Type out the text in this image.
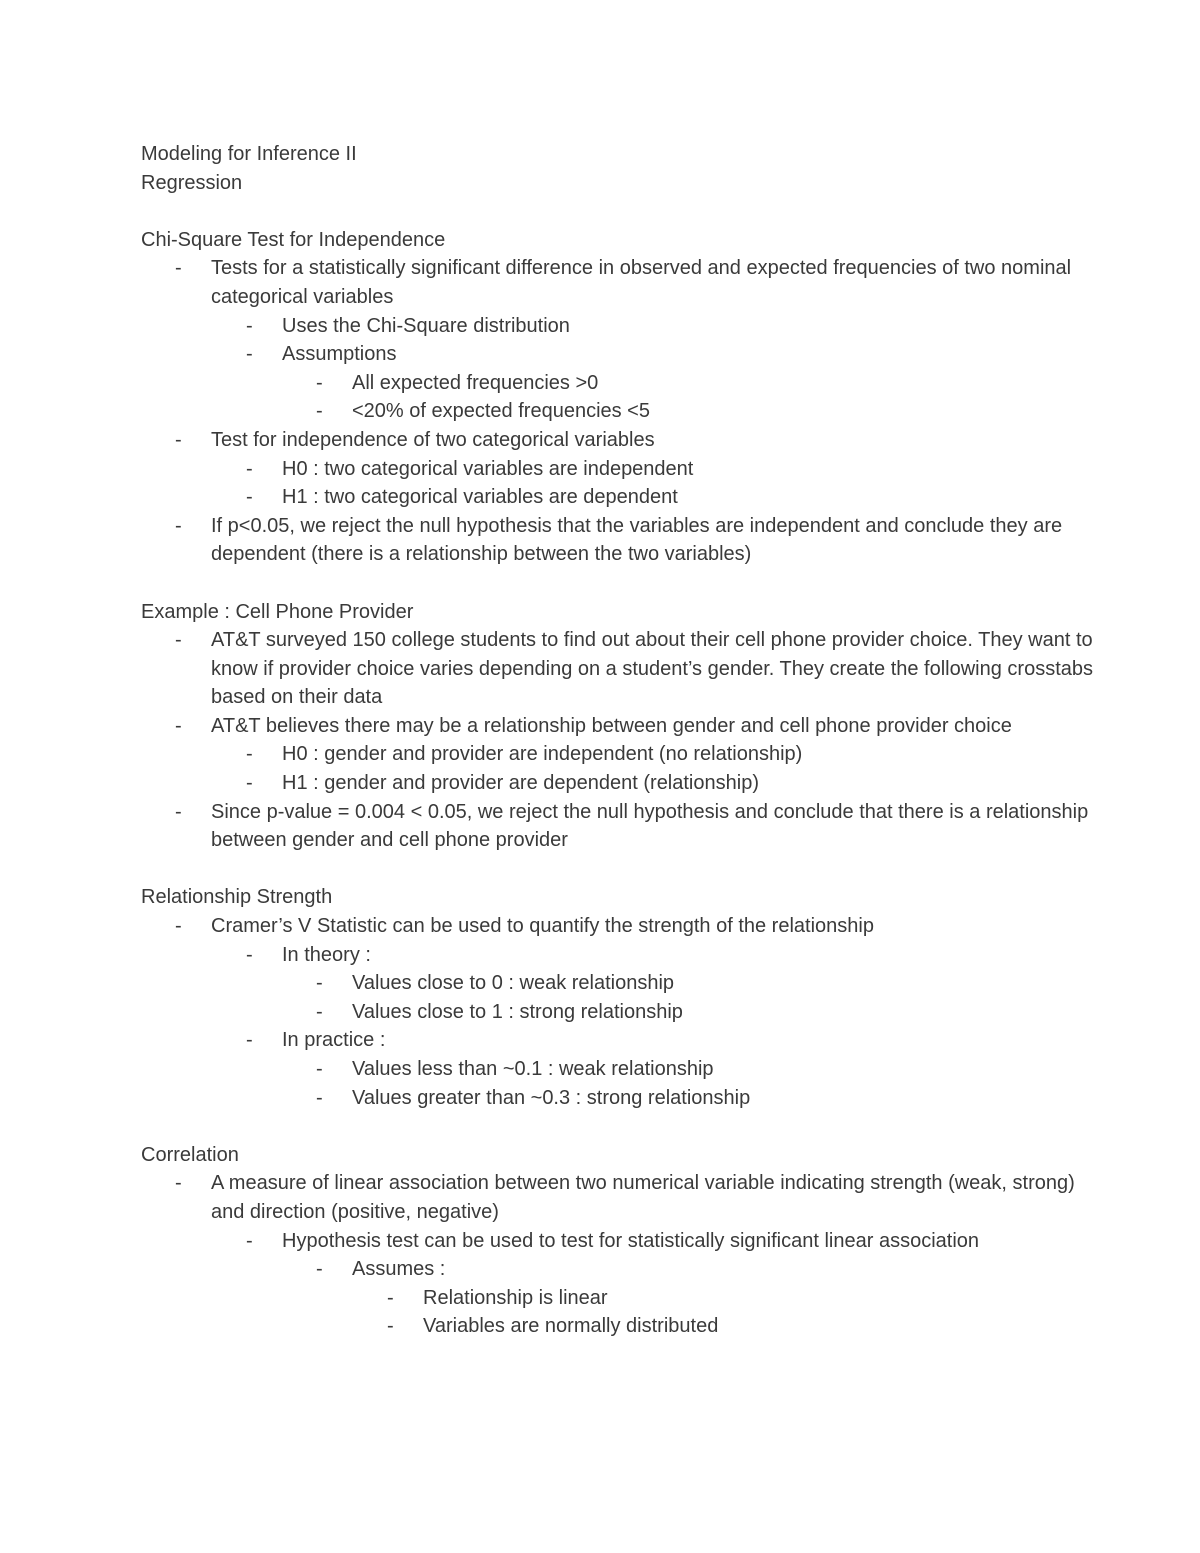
Modeling for Inference II
Regression
Chi-Square Test for Independence
- Tests for a statistically significant difference in observed and expected frequencies of two nominal categorical variables
- Uses the Chi-Square distribution
- Assumptions
- All expected frequencies >0
- <20% of expected frequencies <5
- Test for independence of two categorical variables
- H0 : two categorical variables are independent
- H1 : two categorical variables are dependent
- If p<0.05, we reject the null hypothesis that the variables are independent and conclude they are dependent (there is a relationship between the two variables)
Example : Cell Phone Provider
- AT&T surveyed 150 college students to find out about their cell phone provider choice. They want to know if provider choice varies depending on a student’s gender. They create the following crosstabs based on their data
- AT&T believes there may be a relationship between gender and cell phone provider choice
- H0 : gender and provider are independent (no relationship)
- H1 : gender and provider are dependent (relationship)
- Since p-value = 0.004 < 0.05, we reject the null hypothesis and conclude that there is a relationship between gender and cell phone provider
Relationship Strength
- Cramer’s V Statistic can be used to quantify the strength of the relationship
- In theory :
- Values close to 0 : weak relationship
- Values close to 1 : strong relationship
- In practice :
- Values less than ~0.1 : weak relationship
- Values greater than ~0.3 : strong relationship
Correlation
- A measure of linear association between two numerical variable indicating strength (weak, strong) and direction (positive, negative)
- Hypothesis test can be used to test for statistically significant linear association
- Assumes :
- Relationship is linear
- Variables are normally distributed
